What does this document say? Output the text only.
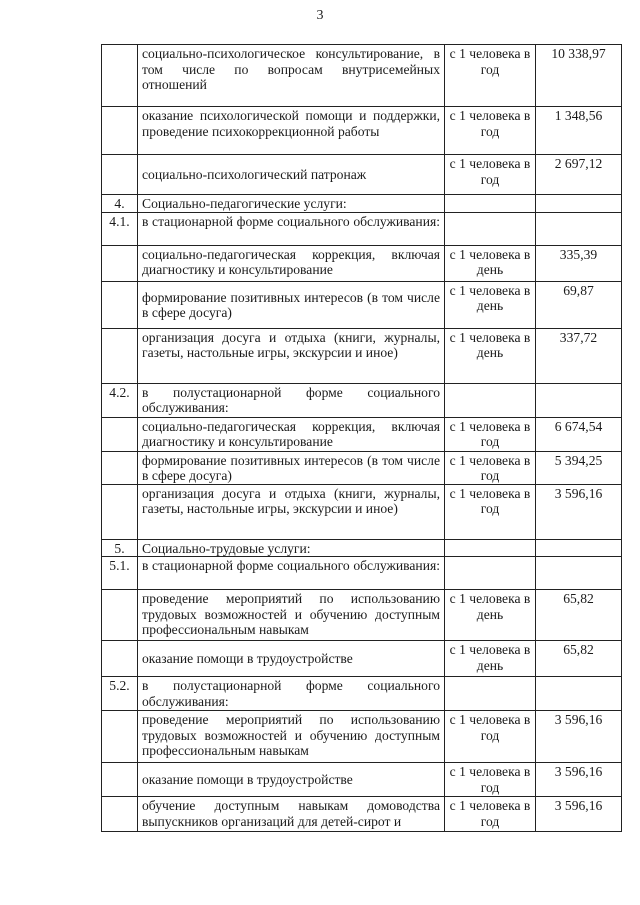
3
	социально-психологическое консультирование, в том числе по вопросам внутрисемейных отношений	с 1 человека в год	10 338,97
	оказание психологической помощи и поддержки, проведение психокоррекционной работы	с 1 человека в год	1 348,56
	социально-психологический патронаж	с 1 человека в год	2 697,12
4.	Социально-педагогические услуги:		
4.1.	в стационарной форме социального обслуживания:		
	социально-педагогическая коррекция, включая диагностику и консультирование	с 1 человека в день	335,39
	формирование позитивных интересов (в том числе в сфере досуга)	с 1 человека в день	69,87
	организация досуга и отдыха (книги, журналы, газеты, настольные игры, экскурсии и иное)	с 1 человека в день	337,72
4.2.	в полустационарной форме социального обслуживания:		
	социально-педагогическая коррекция, включая диагностику и консультирование	с 1 человека в год	6 674,54
	формирование позитивных интересов (в том числе в сфере досуга)	с 1 человека в год	5 394,25
	организация досуга и отдыха (книги, журналы, газеты, настольные игры, экскурсии и иное)	с 1 человека в год	3 596,16
5.	Социально-трудовые услуги:		
5.1.	в стационарной форме социального обслуживания:		
	проведение мероприятий по использованию трудовых возможностей и обучению доступным профессиональным навыкам	с 1 человека в день	65,82
	оказание помощи в трудоустройстве	с 1 человека в день	65,82
5.2.	в полустационарной форме социального обслуживания:		
	проведение мероприятий по использованию трудовых возможностей и обучению доступным профессиональным навыкам	с 1 человека в год	3 596,16
	оказание помощи в трудоустройстве	с 1 человека в год	3 596,16
	обучение доступным навыкам домоводства выпускников организаций для детей-сирот и	с 1 человека в год	3 596,16
